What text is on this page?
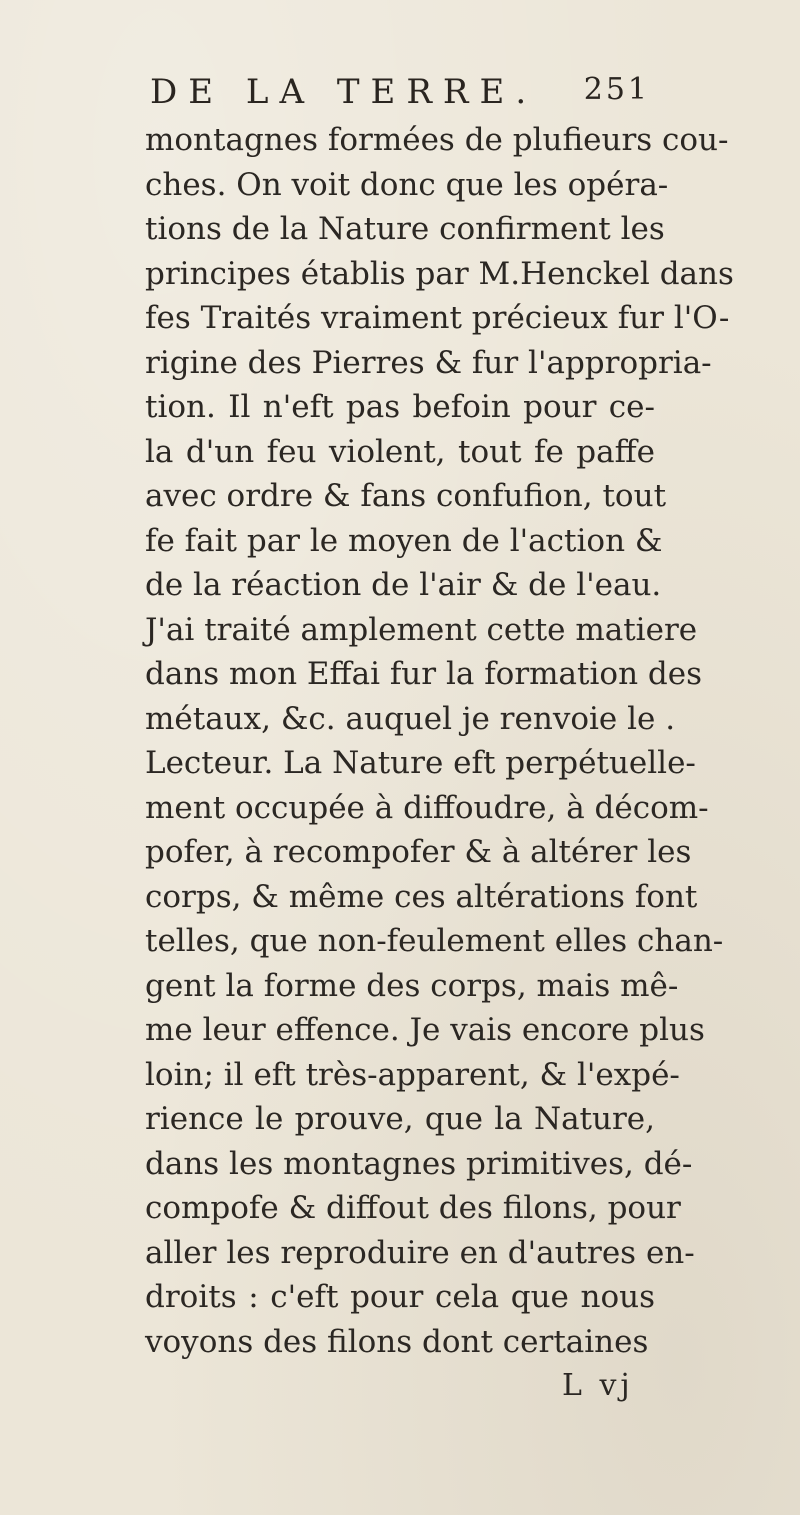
DE LA TERRE. 251
montagnes formées de plufieurs cou-
ches. On voit donc que les opéra-
tions de la Nature confirment les
principes établis par M.Henckel dans
fes Traités vraiment précieux fur l'O-
rigine des Pierres & fur l'appropria-
tion. Il n'eft pas befoin pour ce-
la d'un feu violent, tout fe paffe
avec ordre & fans confufion, tout
fe fait par le moyen de l'action &
de la réaction de l'air & de l'eau.
J'ai traité amplement cette matiere
dans mon Effai fur la formation des
métaux, &c. auquel je renvoie le .
Lecteur. La Nature eft perpétuelle-
ment occupée à diffoudre, à décom-
pofer, à recompofer & à altérer les
corps, & même ces altérations font
telles, que non-feulement elles chan-
gent la forme des corps, mais mê-
me leur effence. Je vais encore plus
loin; il eft très-apparent, & l'expé-
rience le prouve, que la Nature,
dans les montagnes primitives, dé-
compofe & diffout des filons, pour
aller les reproduire en d'autres en-
droits : c'eft pour cela que nous
voyons des filons dont certaines
L vj
